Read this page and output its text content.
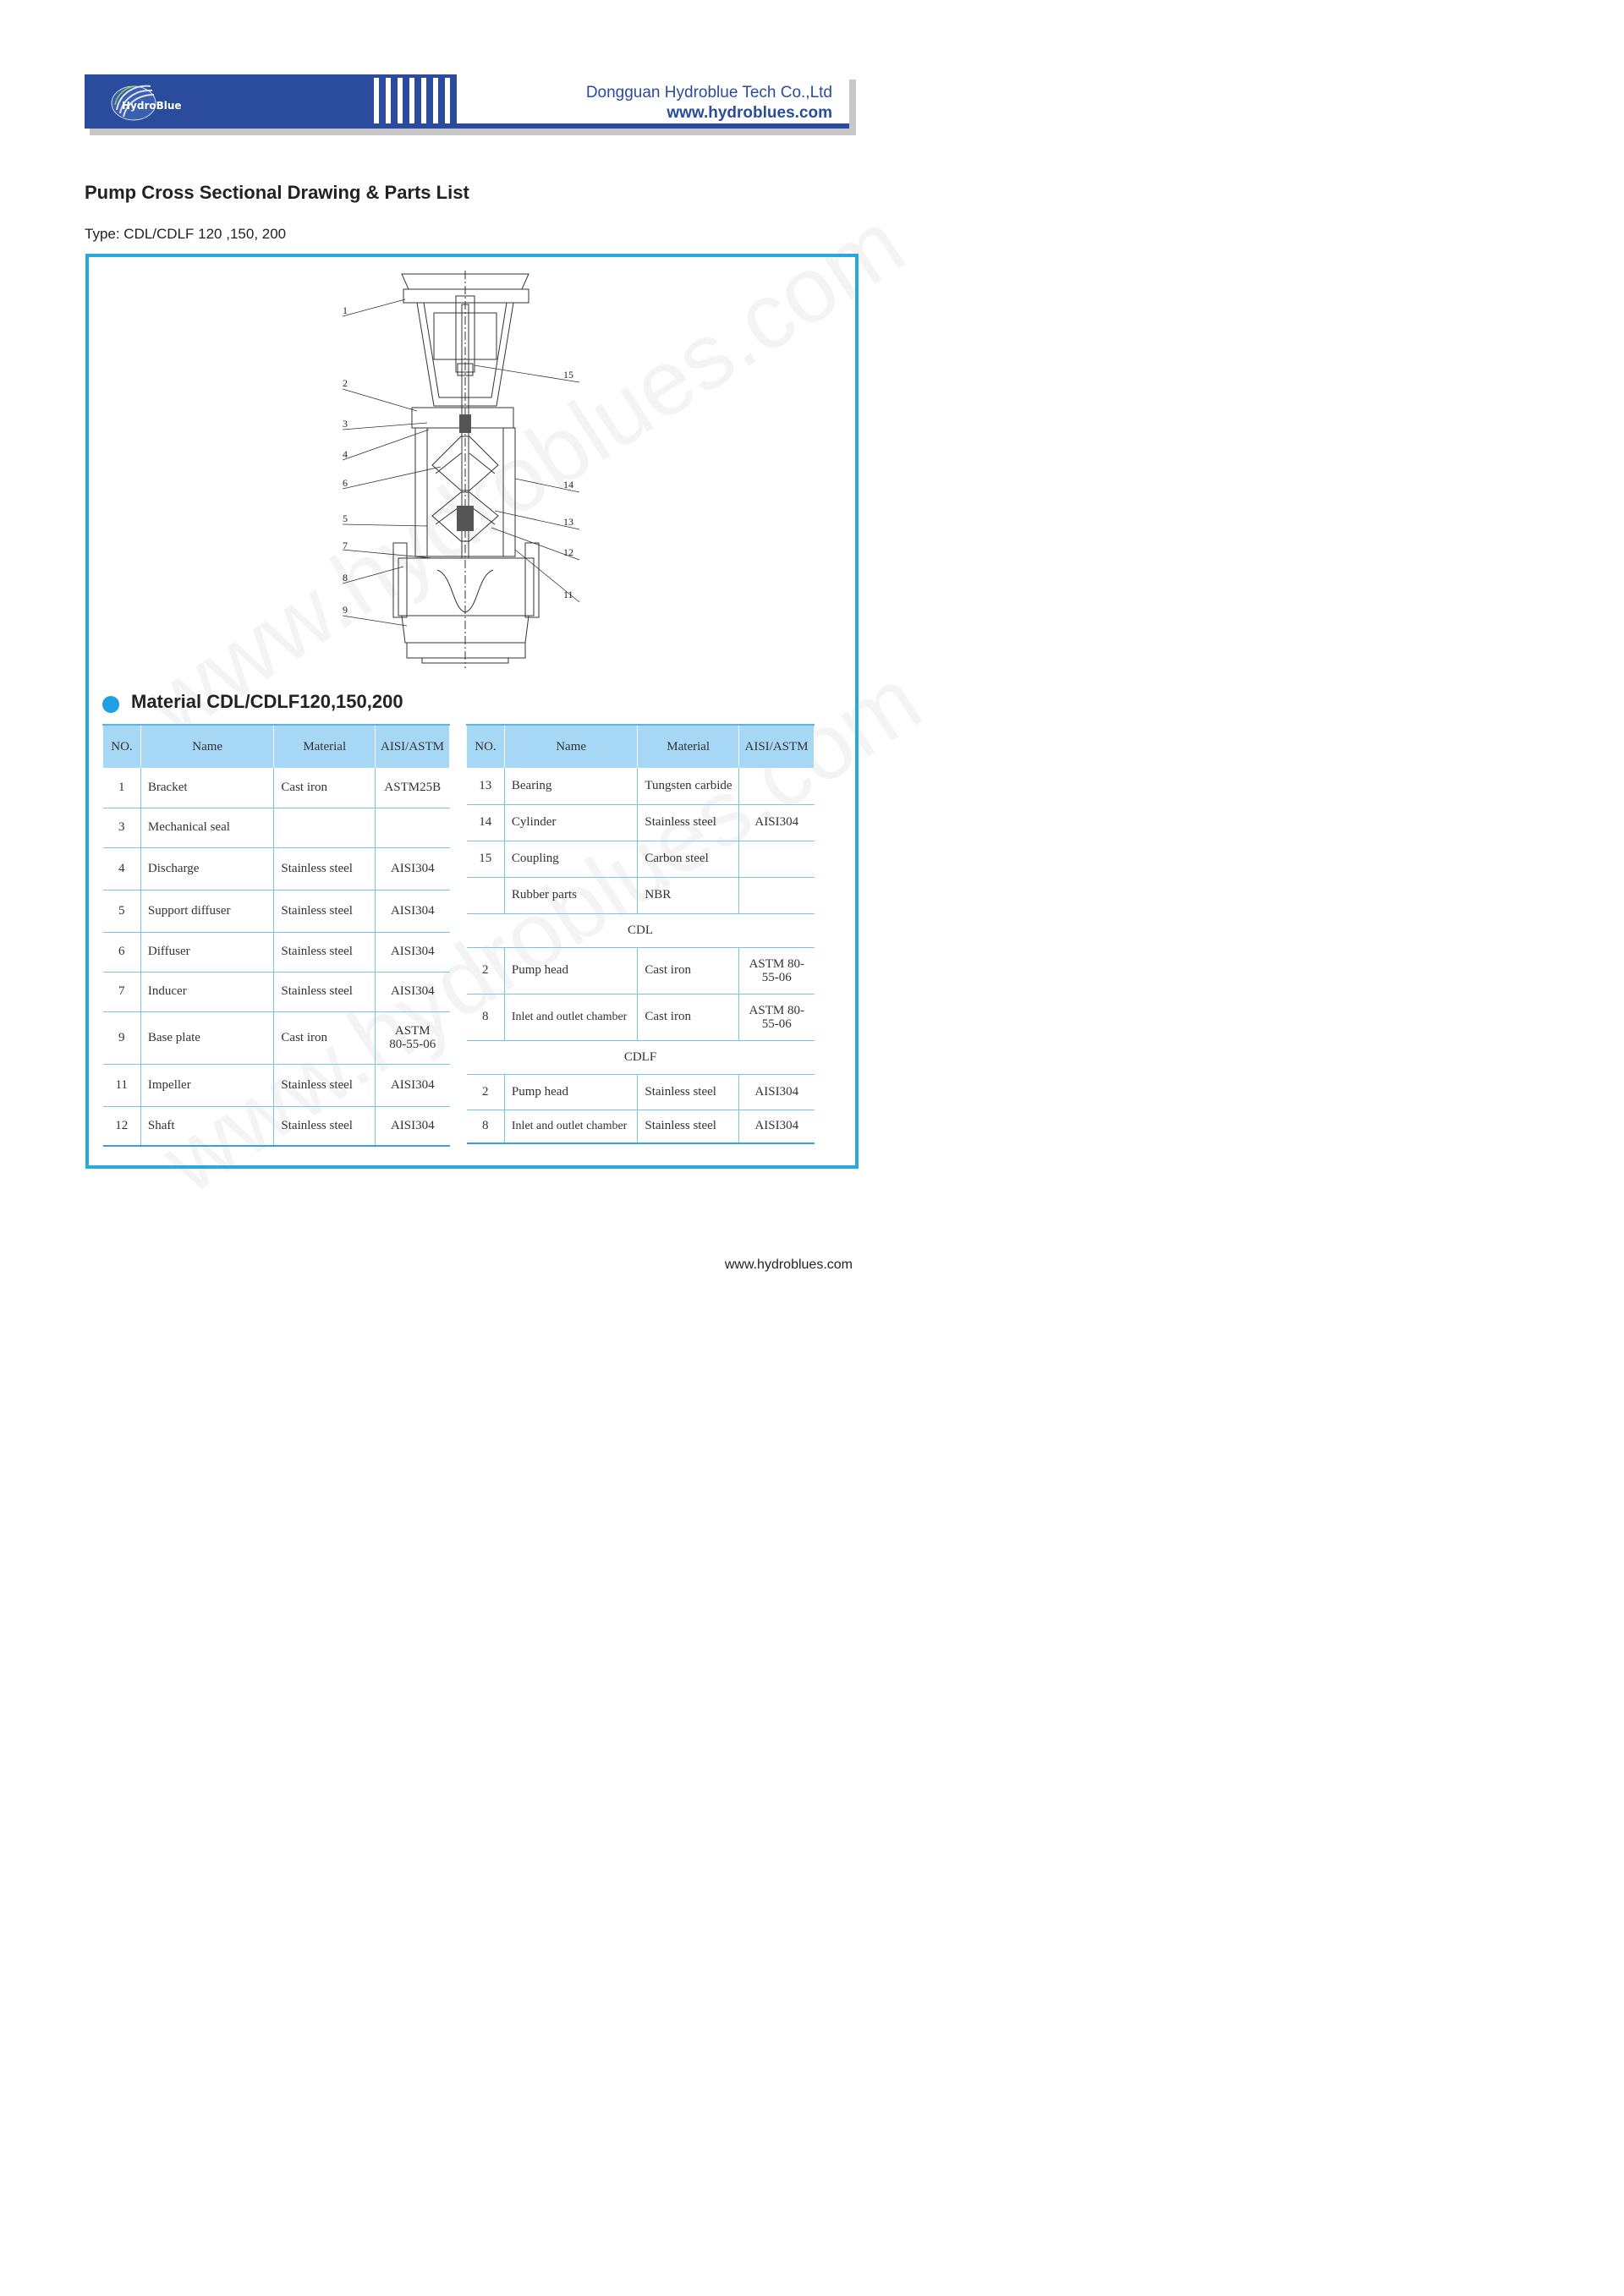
HydroBlue
Dongguan Hydroblue Tech Co.,Ltd
www.hydroblues.com
Pump Cross Sectional Drawing & Parts List
Type: CDL/CDLF 120 ,150, 200
1
2
3
4
6
5
7
8
9
15
14
13
12
11
Material CDL/CDLF120,150,200
NO.	Name	Material	AISI/ASTM
1	Bracket	Cast iron	ASTM25B
3	Mechanical seal		
4	Discharge	Stainless steel	AISI304
5	Support diffuser	Stainless steel	AISI304
6	Diffuser	Stainless steel	AISI304
7	Inducer	Stainless steel	AISI304
9	Base plate	Cast iron	ASTM 80-55-06
11	Impeller	Stainless steel	AISI304
12	Shaft	Stainless steel	AISI304
NO.	Name	Material	AISI/ASTM
13	Bearing	Tungsten carbide	
14	Cylinder	Stainless steel	AISI304
15	Coupling	Carbon steel	
	Rubber parts	NBR	
CDL			
2	Pump head	Cast iron	ASTM 80-55-06
8	Inlet and outlet chamber	Cast iron	ASTM 80-55-06
CDLF			
2	Pump head	Stainless steel	AISI304
8	Inlet and outlet chamber	Stainless steel	AISI304
www.hydroblues.com
